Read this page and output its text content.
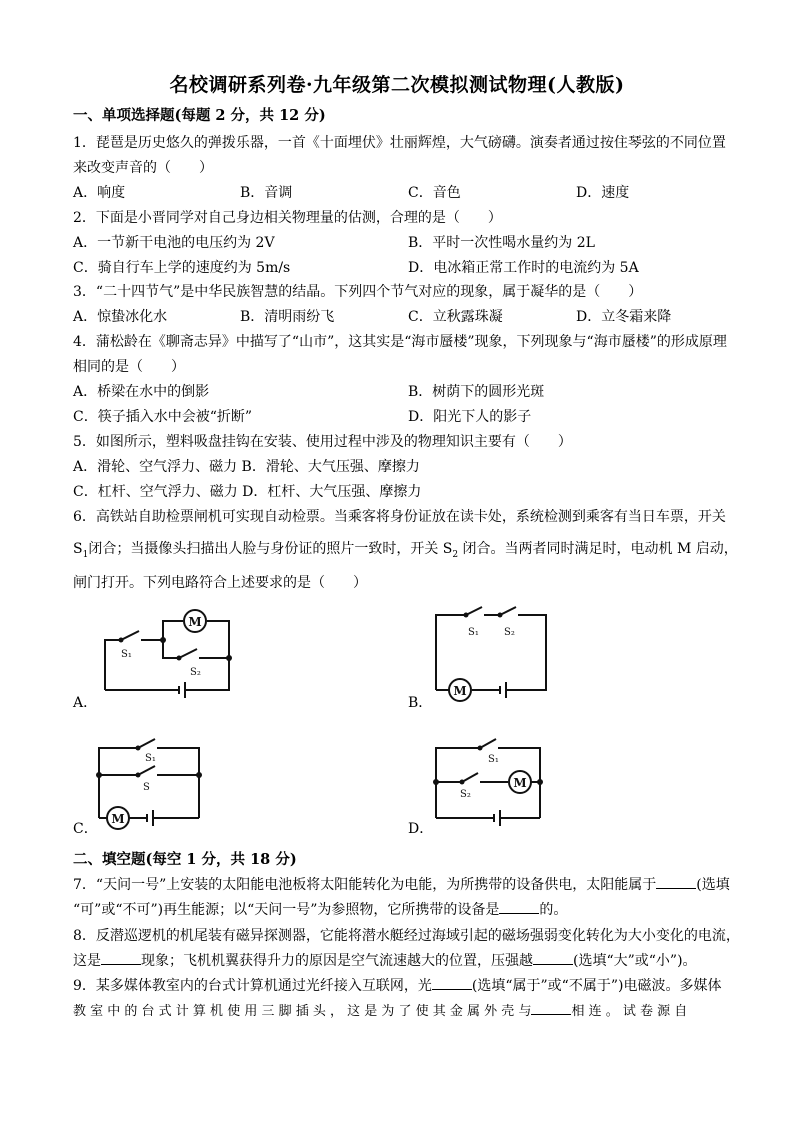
名校调研系列卷·九年级第二次模拟测试物理(人教版)
一、单项选择题(每题 2 分，共 12 分)
1．琵琶是历史悠久的弹拨乐器，一首《十面埋伏》壮丽辉煌，大气磅礴。演奏者通过按住琴弦的不同位置
来改变声音的（　　）
A．响度	B．音调	C．音色	D．速度
2．下面是小晋同学对自己身边相关物理量的估测，合理的是（　　）
A．一节新干电池的电压约为 2V	B．平时一次性喝水量约为 2L
C．骑自行车上学的速度约为 5m/s	D．电冰箱正常工作时的电流约为 5A
3．“二十四节气”是中华民族智慧的结晶。下列四个节气对应的现象，属于凝华的是（　　）
A．惊蛰冰化水	B．清明雨纷飞	C．立秋露珠凝	D．立冬霜来降
4．蒲松龄在《聊斋志异》中描写了“山市”，这其实是“海市蜃楼”现象，下列现象与“海市蜃楼”的形成原理
相同的是（　　）
A．桥梁在水中的倒影	B．树荫下的圆形光斑
C．筷子插入水中会被“折断”	D．阳光下人的影子
5．如图所示，塑料吸盘挂钩在安装、使用过程中涉及的物理知识主要有（　　）
A．滑轮、空气浮力、磁力 B．滑轮、大气压强、摩擦力
C．杠杆、空气浮力、磁力 D．杠杆、大气压强、摩擦力
6．高铁站自助检票闸机可实现自动检票。当乘客将身份证放在读卡处，系统检测到乘客有当日车票，开关
$S_1$闭合；当摄像头扫描出人脸与身份证的照片一致时，开关 $S_2$ 闭合。当两者同时满足时，电动机 M 启动，
闸门打开。下列电路符合上述要求的是（　　）
M
S₁
S₂
A．
M
S₁	S₂
B．
M
S₁
S
C．
M
S₁
S₂
D．
二、填空题(每空 1 分，共 18 分)
7．“天问一号”上安装的太阳能电池板将太阳能转化为电能，为所携带的设备供电，太阳能属于	(选填
“可”或“不可”)再生能源；以“天问一号”为参照物，它所携带的设备是	的。
8．反潜巡逻机的机尾装有磁异探测器，它能将潜水艇经过海域引起的磁场强弱变化转化为大小变化的电流，
这是	现象；飞机机翼获得升力的原因是空气流速越大的位置，压强越	(选填“大”或“小”)。
9．某多媒体教室内的台式计算机通过光纤接入互联网，光	(选填“属于”或“不属于”)电磁波。多媒体
教 室 中 的 台 式 计 算 机 使 用 三 脚 插 头 ， 这 是 为 了 使 其 金 属 外 壳 与	相 连 。 试 卷 源 自
